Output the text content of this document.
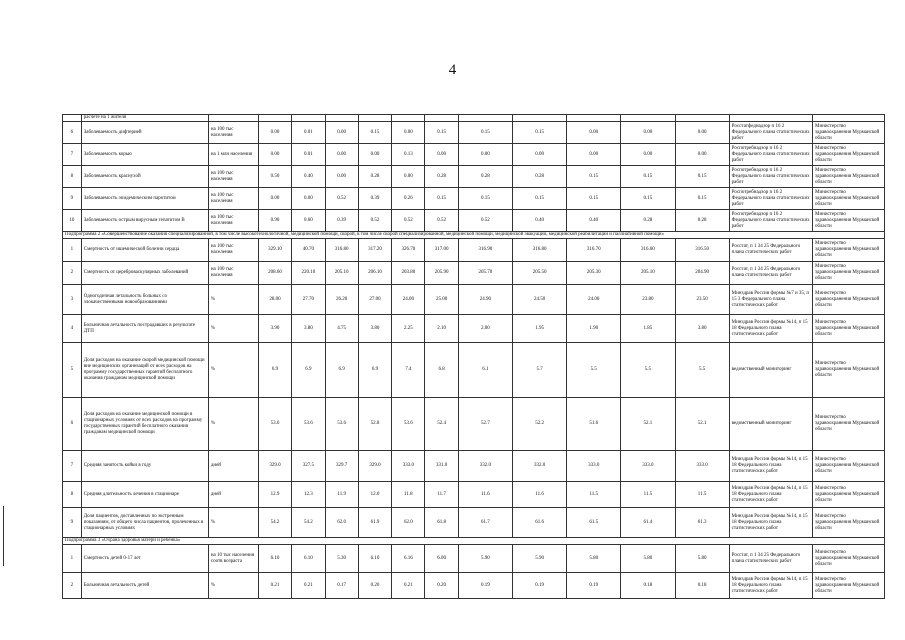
4
	расчете на 1 жителя														
6	Заболеваемость дифтерией	на 100 тыс населения	0.00	0.01	0.00	0.15	0.00	0.15	0.15	0.15	0.00	0.00	0.00	Росстатфеднадзор п 16 2 Федерального плана статистических работ	Министерство здравоохранения Мурманской области
7	Заболеваемость корью	на 1 млн населения	0.00	0.01	0.00	0.00	0.13	0.00	0.00	0.00	0.00	0.00	0.00	Роспотребнадзор п 16 2 Федерального плана статистических работ	Министерство здравоохранения Мурманской области
8	Заболеваемость краснухой	на 100 тыс населения	0.50	0.40	0.00	0.28	0.00	0.28	0.28	0.28	0.15	0.15	0.15	Роспотребнадзор п 16 2 Федерального плана статистических работ	Министерство здравоохранения Мурманской области
9	Заболеваемость эпидемическим паротитом	на 100 тыс населения	0.00	0.00	0.52	0.39	0.26	0.15	0.15	0.15	0.15	0.15	0.15	Роспотребнадзор п 16 2 Федерального плана статистических работ	Министерство здравоохранения Мурманской области
10	Заболеваемость острым вирусным гепатитом В	на 100 тыс населения	0.90	0.60	0.39	0.52	0.52	0.52	0.52	0.40	0.40	0.28	0.28	Роспотребнадзор п 16 2 Федерального плана статистических работ	Министерство здравоохранения Мурманской области
Подпрограмма 2 «Совершенствование оказания специализированной, в том числе высокотехнологичной, медицинской помощи, скорой, в том числе скорой специализированной, медицинской помощи, медицинской эвакуации, медицинской реабилитации и паллиативной помощи»															
1	Смертность от ишемической болезни сердца	на 100 тыс населения	329.10	40.70	316.80	317.20	326.70	317.00	316.90	316.80	316.70	316.60	316.50	Росстат, п 1 34 25 Федерального плана статистических работ	Министерство здравоохранения Мурманской области
2	Смертность от цереброваскулярных заболеваний	на 100 тыс населения	208.60	220.10	205.10	206.10	203.80	205.90	205.70	205.50	205.30	205.10	204.90	Росстат, п 1 34 25 Федерального плана статистических работ	Министерство здравоохранения Мурманской области
3	Одногодичная летальность больных со злокачественными новообразованиями	%	28.00	27.70	26.20	27.00	24.00	25.00	24.90	24.50	24.00	23.80	23.50	Минздрав России формы №7 и 35, п 15 3 Федерального плана статистических работ	Министерство здравоохранения Мурманской области
4	Больничная летальность пострадавших в результате ДТП	%	3.90	3.80	4.75	3.80	2.25	2.10	2.00	1.95	1.90	1.85	3.80	Минздрав России формы №14, п 15 18 Федерального плана статистических работ	Министерство здравоохранения Мурманской области
5	Доля расходов на оказание скорой медицинской помощи вне медицинских организаций от всех расходов на программу государственных гарантий бесплатного оказания гражданам медицинской помощи	%	6.9	6.9	6.9	6.9	7.4	6.8	6.1	5.7	5.5	5.5	5.5	ведомственный мониторинг	Министерство здравоохранения Мурманской области
6	Доля расходов на оказание медицинской помощи в стационарных условиях от всех расходов на программу государственных гарантий бесплатного оказания гражданам медицинской помощи	%	53.6	53.6	53.6	52.8	53.6	52.4	52.7	52.2	51.6	52.1	52.1	ведомственный мониторинг	Министерство здравоохранения Мурманской области
7	Средняя занятость койки в году	дней	329.0	327.5	329.7	329.0	333.0	331.0	332.0	332.0	333.0	333.0	333.0	Минздрав России формы №14, п 15 18 Федерального плана статистических работ	Министерство здравоохранения Мурманской области
8	Средняя длительность лечения в стационаре	дней	12.9	12.3	11.9	12.0	11.8	11.7	11.6	11.6	11.5	11.5	11.5	Минздрав России формы №14, п 15 18 Федерального плана статистических работ	Министерство здравоохранения Мурманской области
9	Доля пациентов, доставленных по экстренным показаниям, от общего числа пациентов, пролеченных в стационарных условиях	%	54.2	54.2	62.0	61.9	62.0	61.8	61.7	61.6	61.5	61.4	61.3	Минздрав России формы №14, п 15 18 Федерального плана статистических работ	Министерство здравоохранения Мурманской области
Подпрограмма 3 «Охрана здоровья матери и ребенка»															
1	Смертность детей 0-17 лет	на 10 тыс населения соотв возраста	6.10	6.10	5.30	6.10	6.16	6.00	5.90	5.90	5.80	5.80	5.80	Росстат, п 1 34 25 Федерального плана статистических работ	Министерство здравоохранения Мурманской области
2	Больничная летальность детей	%	0.21	0.21	0.17	0.20	0.21	0.20	0.19	0.19	0.19	0.18	0.18	Минздрав России формы №14, п 15 18 Федерального плана статистических работ	Министерство здравоохранения Мурманской области
